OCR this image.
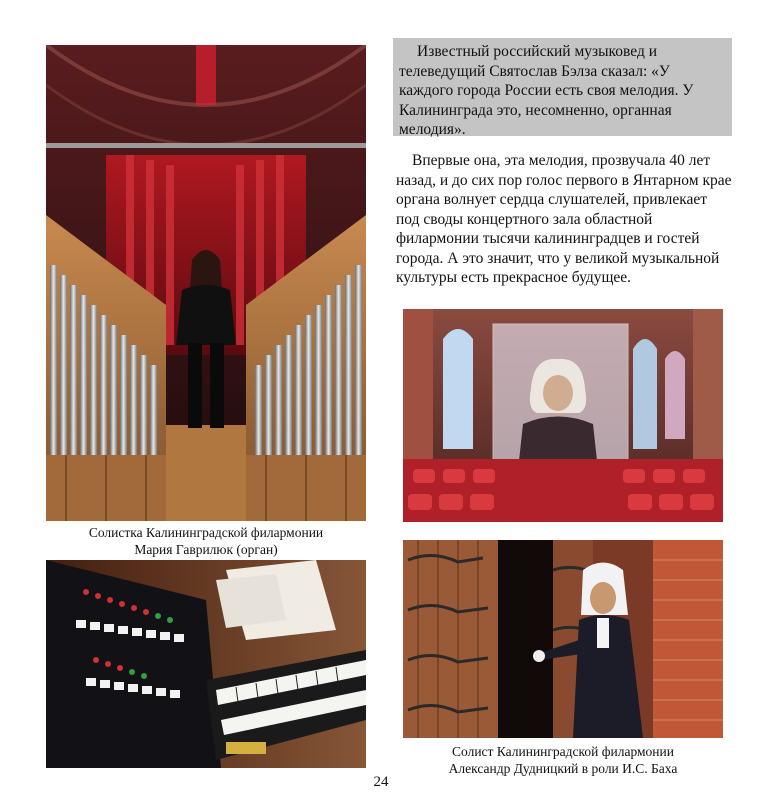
Солистка Калининградской филармонии
Мария Гаврилюк (орган)

Известный российский музыковед и телеведущий Святослав Бэлза сказал: «У каждого города России есть своя мелодия. У Калининграда это, несомненно, органная мелодия».

Впервые она, эта мелодия, прозвучала 40 лет назад, и до сих пор голос первого в Янтарном крае органа волнует сердца слушателей, привлекает под своды концертного зала областной филармонии тысячи калининградцев и гостей города. А это значит, что у великой музыкальной культуры есть прекрасное будущее.

Солист Калининградской филармонии
Александр Дудницкий в роли И.С. Баха
24
